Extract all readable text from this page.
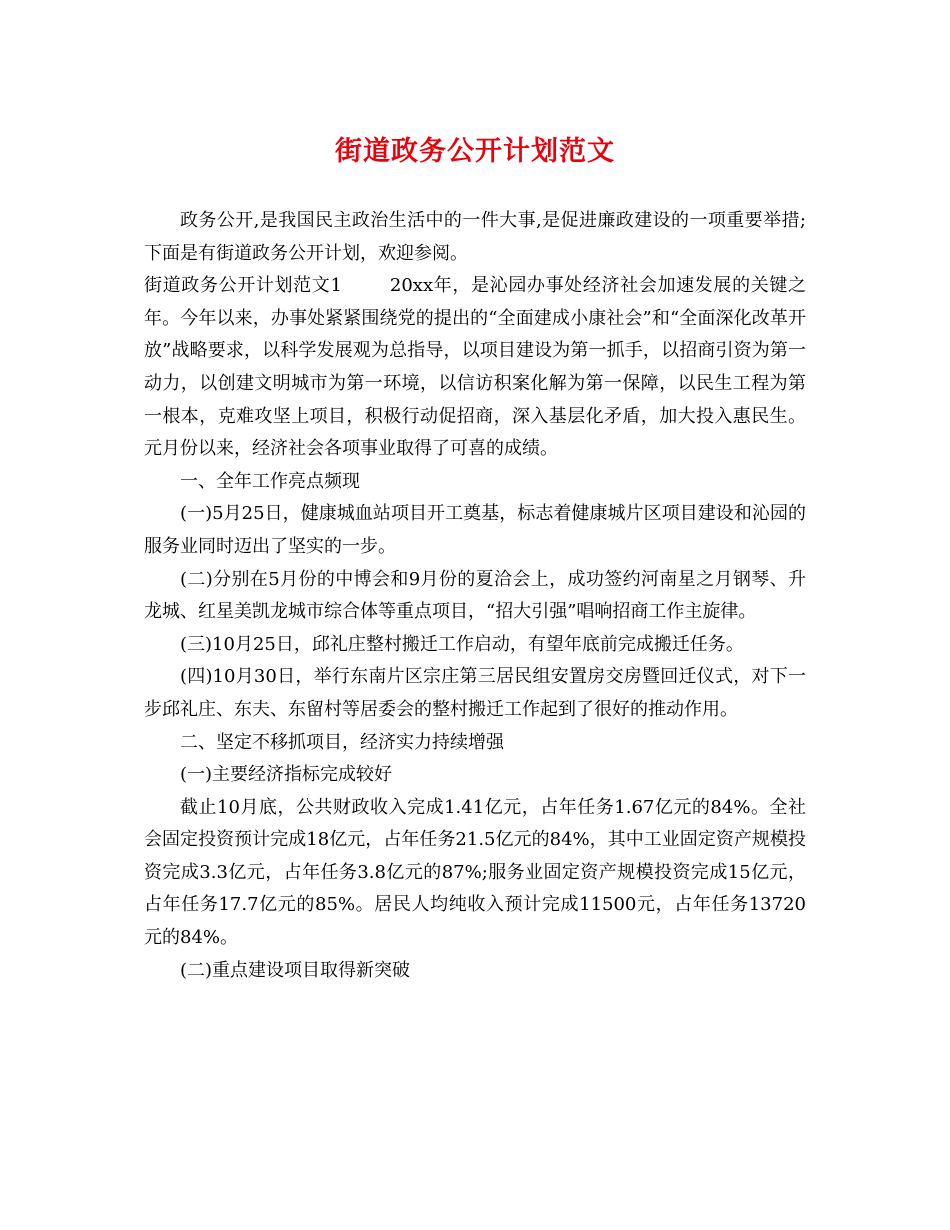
街道政务公开计划范文

政务公开,是我国民主政治生活中的一件大事,是促进廉政建设的一项重要举措;下面是有街道政务公开计划，欢迎参阅。

街道政务公开计划范文1	20xx年，是沁园办事处经济社会加速发展的关键之年。今年以来，办事处紧紧围绕党的提出的“全面建成小康社会”和“全面深化改革开放”战略要求，以科学发展观为总指导，以项目建设为第一抓手，以招商引资为第一动力，以创建文明城市为第一环境，以信访积案化解为第一保障，以民生工程为第一根本，克难攻坚上项目，积极行动促招商，深入基层化矛盾，加大投入惠民生。元月份以来，经济社会各项事业取得了可喜的成绩。

一、全年工作亮点频现

(一)5月25日，健康城血站项目开工奠基，标志着健康城片区项目建设和沁园的服务业同时迈出了坚实的一步。

(二)分别在5月份的中博会和9月份的夏洽会上，成功签约河南星之月钢琴、升龙城、红星美凯龙城市综合体等重点项目，“招大引强”唱响招商工作主旋律。

(三)10月25日，邱礼庄整村搬迁工作启动，有望年底前完成搬迁任务。

(四)10月30日，举行东南片区宗庄第三居民组安置房交房暨回迁仪式，对下一步邱礼庄、东夫、东留村等居委会的整村搬迁工作起到了很好的推动作用。

二、坚定不移抓项目，经济实力持续增强

(一)主要经济指标完成较好

截止10月底，公共财政收入完成1.41亿元，占年任务1.67亿元的84%。全社会固定投资预计完成18亿元，占年任务21.5亿元的84%，其中工业固定资产规模投资完成3.3亿元，占年任务3.8亿元的87%;服务业固定资产规模投资完成15亿元，占年任务17.7亿元的85%。居民人均纯收入预计完成11500元，占年任务13720元的84%。

(二)重点建设项目取得新突破
